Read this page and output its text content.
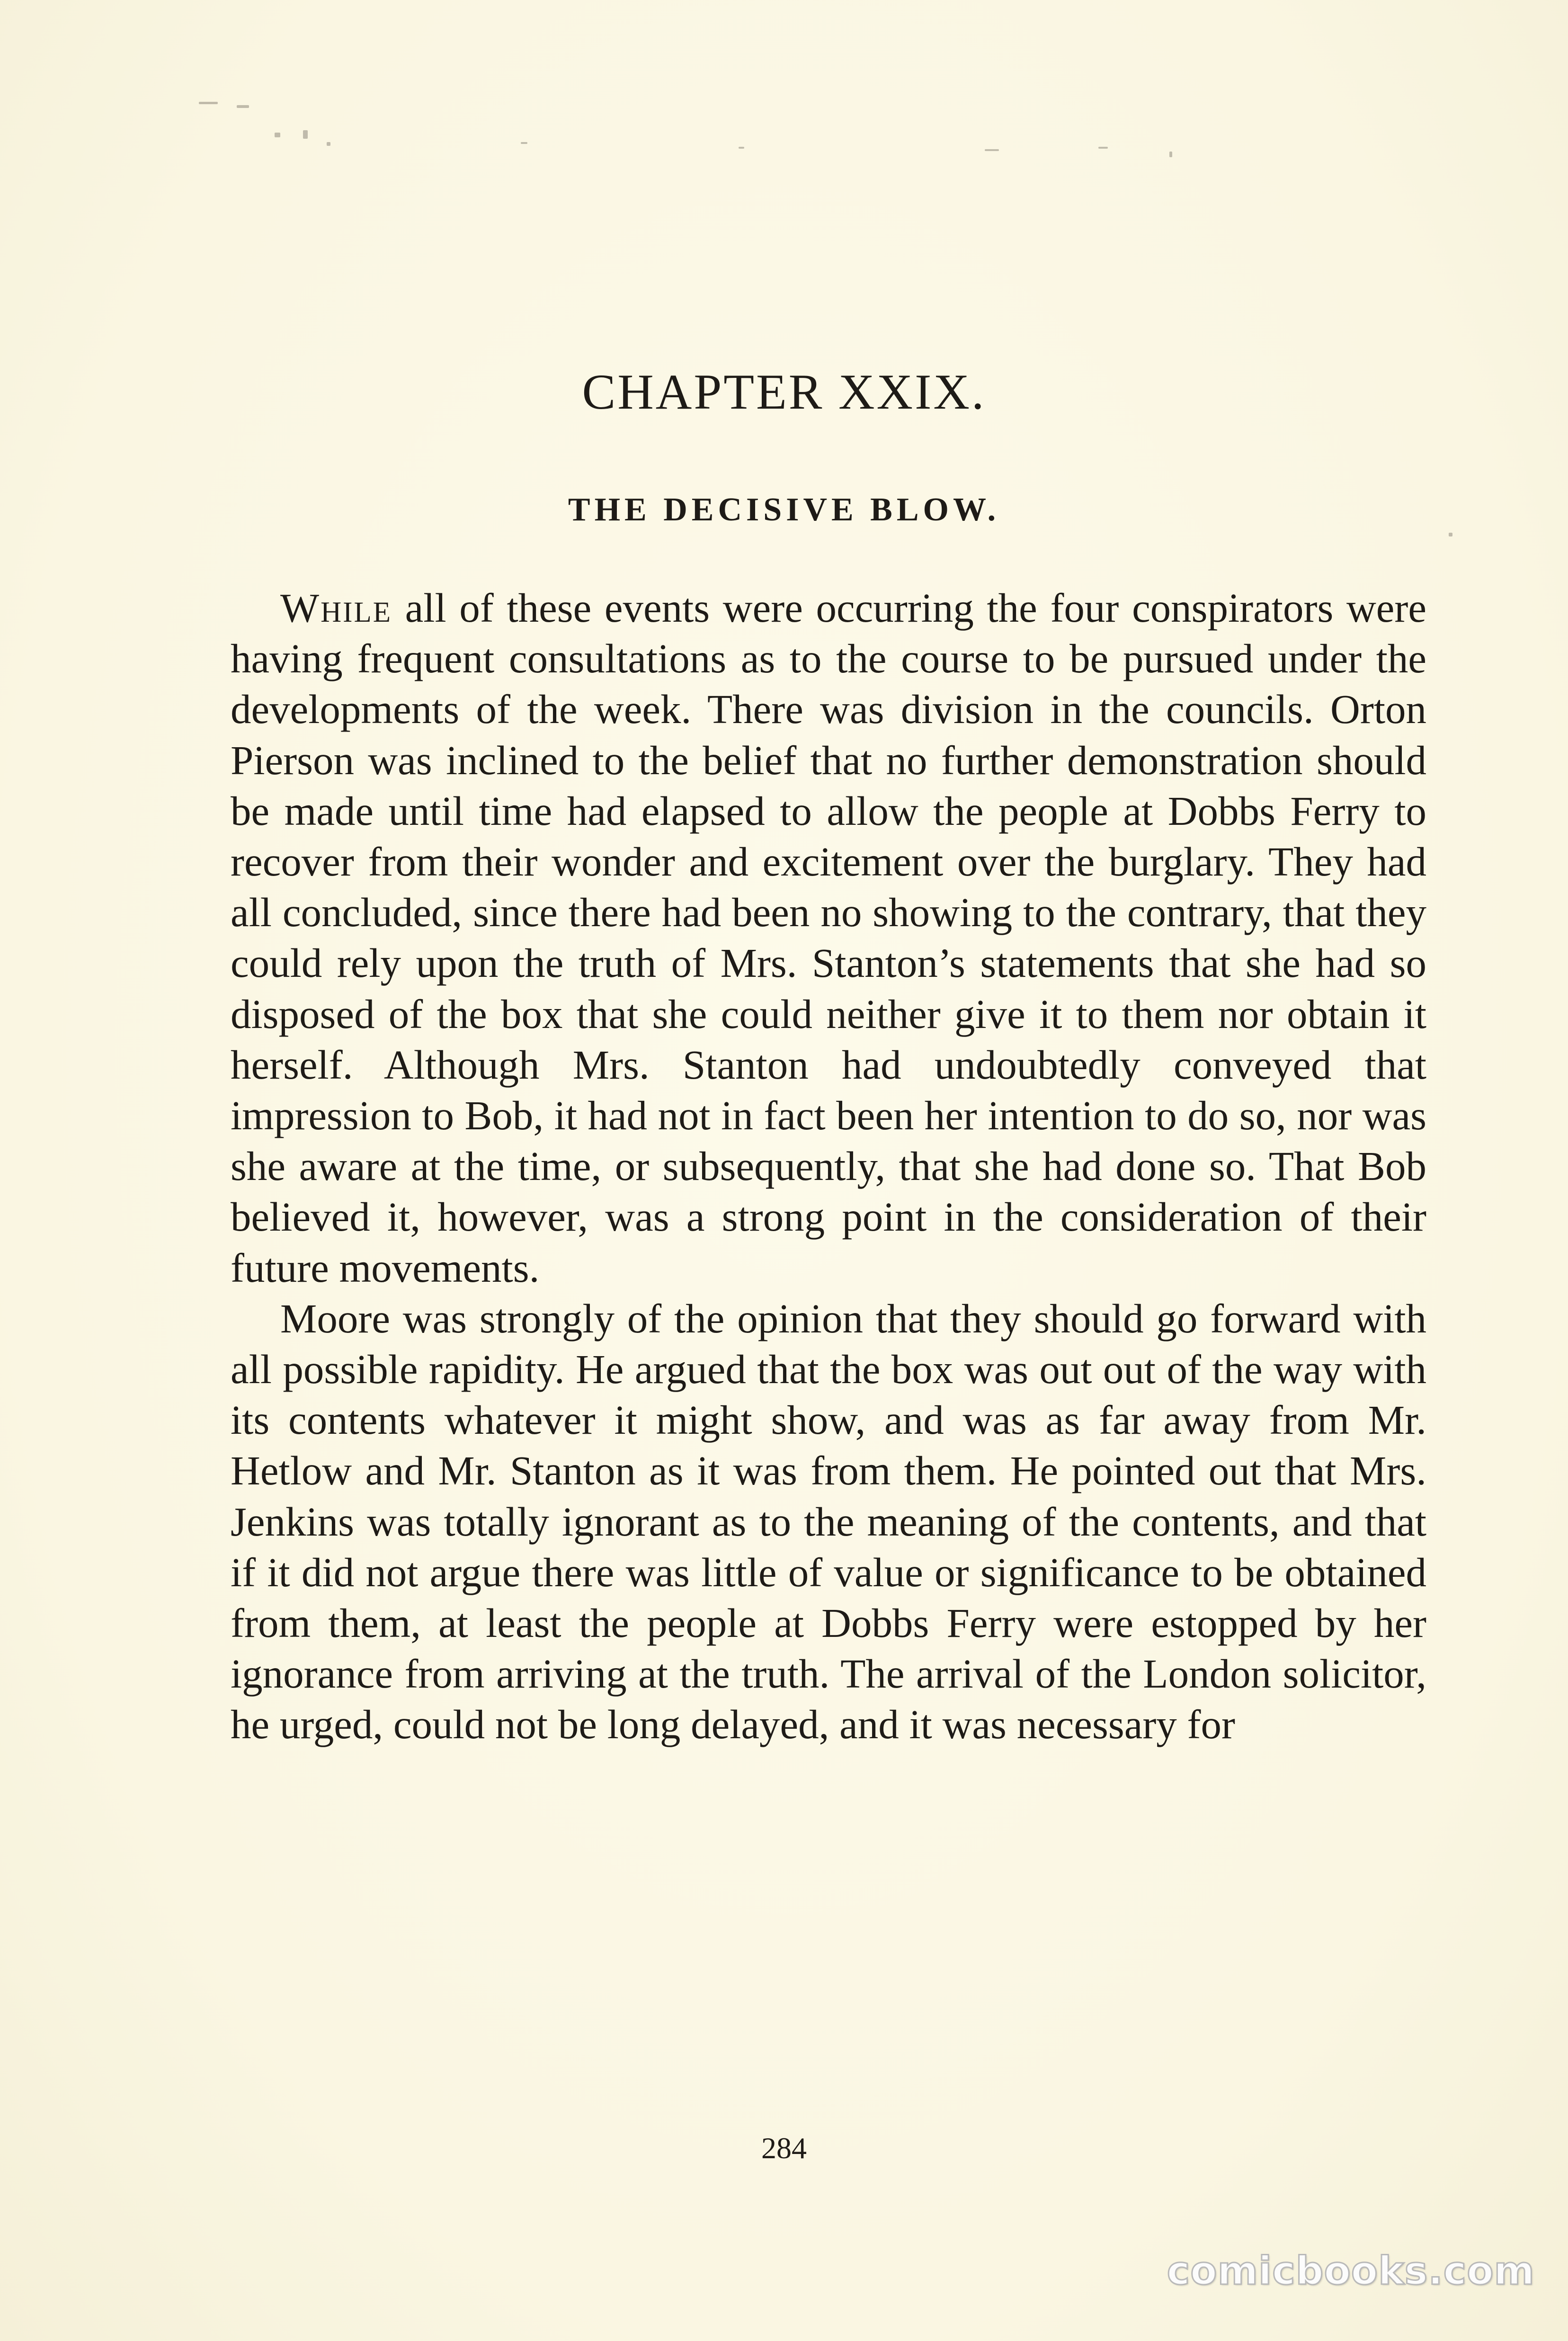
CHAPTER XXIX.
THE DECISIVE BLOW.

While all of these events were occurring the four conspirators were having frequent consultations as to the course to be pursued under the developments of the week. There was division in the councils. Orton Pierson was inclined to the belief that no further demonstration should be made until time had elapsed to allow the people at Dobbs Ferry to recover from their wonder and excitement over the burglary. They had all concluded, since there had been no showing to the contrary, that they could rely upon the truth of Mrs. Stanton’s statements that she had so disposed of the box that she could neither give it to them nor obtain it herself. Although Mrs. Stanton had undoubtedly conveyed that impression to Bob, it had not in fact been her intention to do so, nor was she aware at the time, or subsequently, that she had done so. That Bob believed it, however, was a strong point in the consideration of their future movements.

Moore was strongly of the opinion that they should go forward with all possible rapidity. He argued that the box was out out of the way with its contents whatever it might show, and was as far away from Mr. Hetlow and Mr. Stanton as it was from them. He pointed out that Mrs. Jenkins was totally ignorant as to the meaning of the contents, and that if it did not argue there was little of value or significance to be obtained from them, at least the people at Dobbs Ferry were estopped by her ignorance from arriving at the truth. The arrival of the London solicitor, he urged, could not be long delayed, and it was necessary for

284
comicbooks.com
